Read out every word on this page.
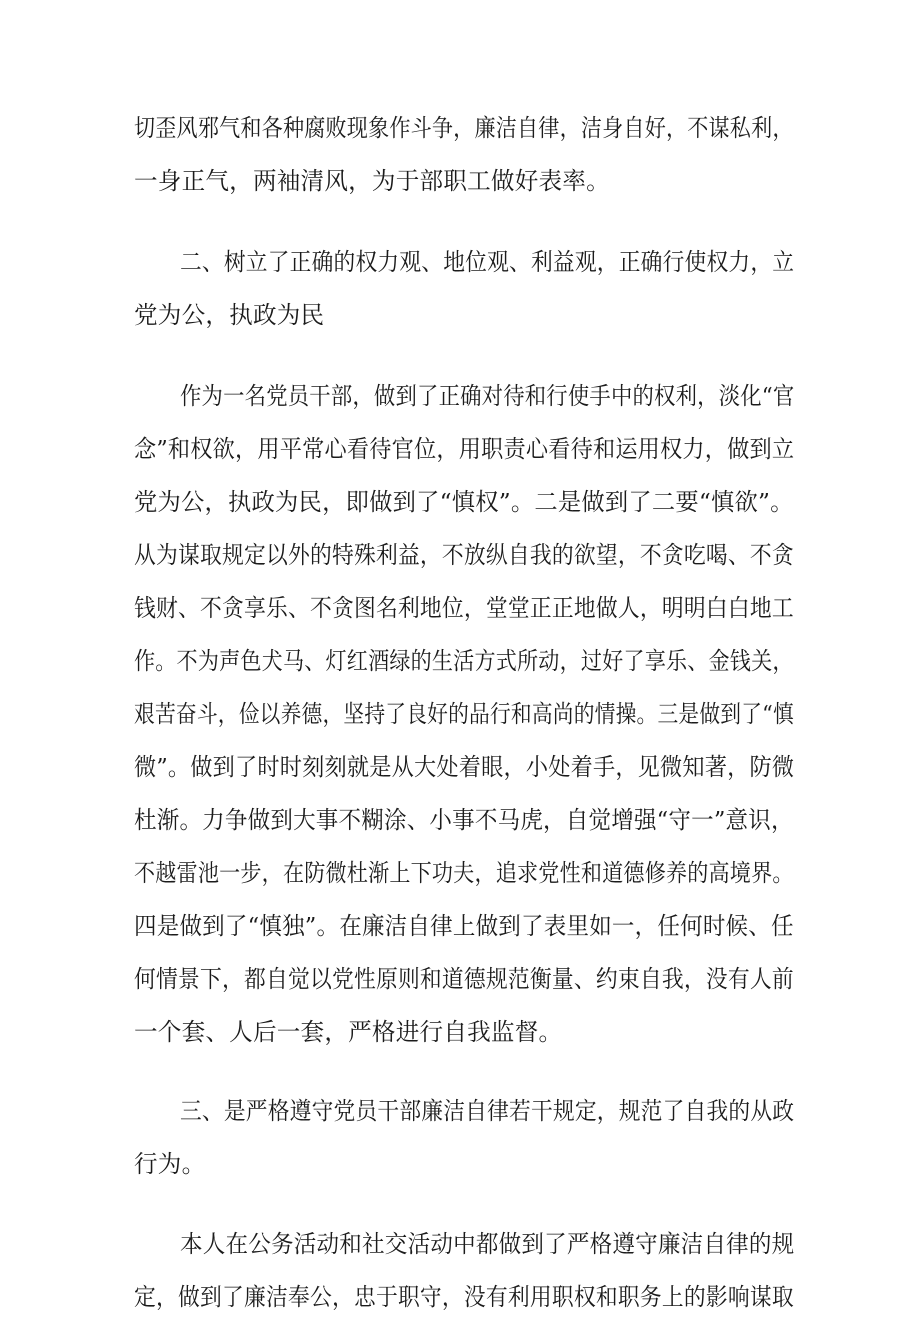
切歪风邪气和各种腐败现象作斗争，廉洁自律，洁身自好，不谋私利，
一身正气，两袖清风，为于部职工做好表率。
二、树立了正确的权力观、地位观、利益观，正确行使权力，立
党为公，执政为民
作为一名党员干部，做到了正确对待和行使手中的权利，淡化“官
念”和权欲，用平常心看待官位，用职责心看待和运用权力，做到立
党为公，执政为民，即做到了“慎权”。二是做到了二要“慎欲”。
从为谋取规定以外的特殊利益，不放纵自我的欲望，不贪吃喝、不贪
钱财、不贪享乐、不贪图名利地位，堂堂正正地做人，明明白白地工
作。不为声色犬马、灯红酒绿的生活方式所动，过好了享乐、金钱关，
艰苦奋斗，俭以养德，坚持了良好的品行和高尚的情操。三是做到了“慎
微”。做到了时时刻刻就是从大处着眼，小处着手，见微知著，防微
杜渐。力争做到大事不糊涂、小事不马虎，自觉增强“守一”意识，
不越雷池一步，在防微杜渐上下功夫，追求党性和道德修养的高境界。
四是做到了“慎独”。在廉洁自律上做到了表里如一，任何时候、任
何情景下，都自觉以党性原则和道德规范衡量、约束自我，没有人前
一个套、人后一套，严格进行自我监督。
三、是严格遵守党员干部廉洁自律若干规定，规范了自我的从政
行为。
本人在公务活动和社交活动中都做到了严格遵守廉洁自律的规
定，做到了廉洁奉公，忠于职守，没有利用职权和职务上的影响谋取
